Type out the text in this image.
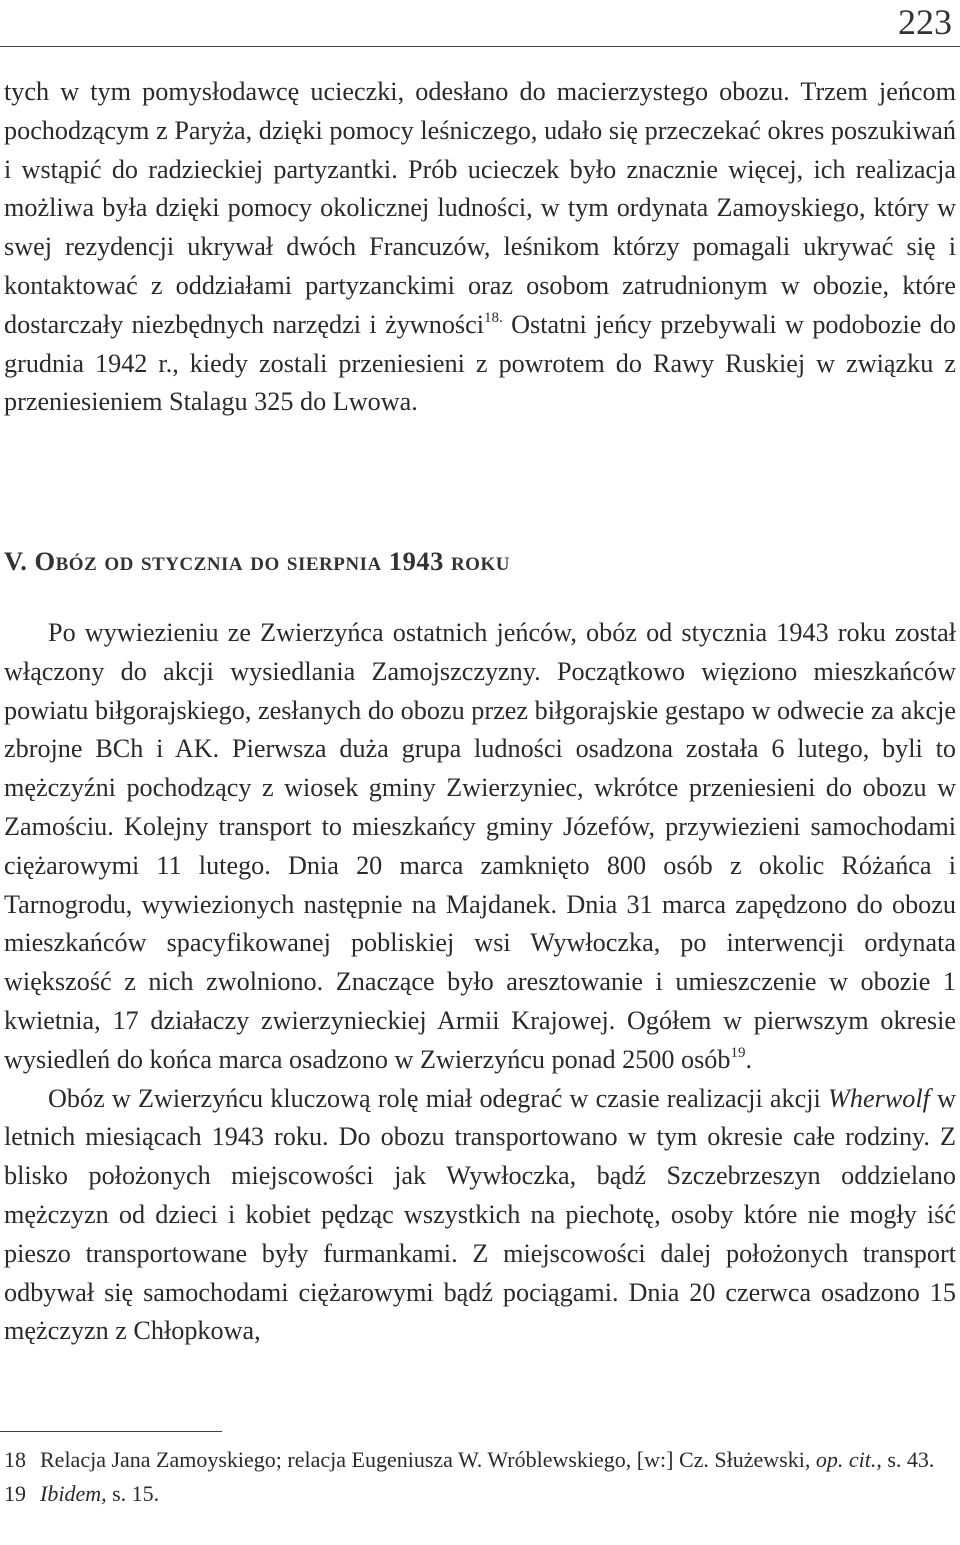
223

tych w tym pomysłodawcę ucieczki, odesłano do macierzystego obozu. Trzem jeńcom pochodzącym z Paryża, dzięki pomocy leśniczego, udało się przeczekać okres poszukiwań i wstąpić do radzieckiej partyzantki. Prób ucieczek było znacznie więcej, ich realizacja możliwa była dzięki pomocy okolicznej ludności, w tym ordynata Zamoyskiego, który w swej rezydencji ukrywał dwóch Francuzów, leśnikom którzy pomagali ukrywać się i kontaktować z oddziałami partyzanckimi oraz osobom zatrudnionym w obozie, które dostarczały niezbędnych narzędzi i żywności$^{18.}$ Ostatni jeńcy przebywali w podobozie do grudnia 1942 r., kiedy zostali przeniesieni z powrotem do Rawy Ruskiej w związku z przeniesieniem Stalagu 325 do Lwowa.

V. Obóz od stycznia do sierpnia 1943 roku

Po wywiezieniu ze Zwierzyńca ostatnich jeńców, obóz od stycznia 1943 roku został włączony do akcji wysiedlania Zamojszczyzny. Początkowo więziono mieszkańców powiatu biłgorajskiego, zesłanych do obozu przez biłgorajskie gestapo w odwecie za akcje zbrojne BCh i AK. Pierwsza duża grupa ludności osadzona została 6 lutego, byli to mężczyźni pochodzący z wiosek gminy Zwierzyniec, wkrótce przeniesieni do obozu w Zamościu. Kolejny transport to mieszkańcy gminy Józefów, przywiezieni samochodami ciężarowymi 11 lutego. Dnia 20 marca zamknięto 800 osób z okolic Różańca i Tarnogrodu, wywiezionych następnie na Majdanek. Dnia 31 marca zapędzono do obozu mieszkańców spacyfikowanej pobliskiej wsi Wywłoczka, po interwencji ordynata większość z nich zwolniono. Znaczące było aresztowanie i umieszczenie w obozie 1 kwietnia, 17 działaczy zwierzynieckiej Armii Krajowej. Ogółem w pierwszym okresie wysiedleń do końca marca osadzono w Zwierzyńcu ponad 2500 osób$^{19}$.

Obóz w Zwierzyńcu kluczową rolę miał odegrać w czasie realizacji akcji Wherwolf w letnich miesiącach 1943 roku. Do obozu transportowano w tym okresie całe rodziny. Z blisko położonych miejscowości jak Wywłoczka, bądź Szczebrzeszyn oddzielano mężczyzn od dzieci i kobiet pędząc wszystkich na piechotę, osoby które nie mogły iść pieszo transportowane były furmankami. Z miejscowości dalej położonych transport odbywał się samochodami ciężarowymi bądź pociągami. Dnia 20 czerwca osadzono 15 mężczyzn z Chłopkowa,

18 Relacja Jana Zamoyskiego; relacja Eugeniusza W. Wróblewskiego, [w:] Cz. Służewski, op. cit., s. 43.
19 Ibidem, s. 15.
